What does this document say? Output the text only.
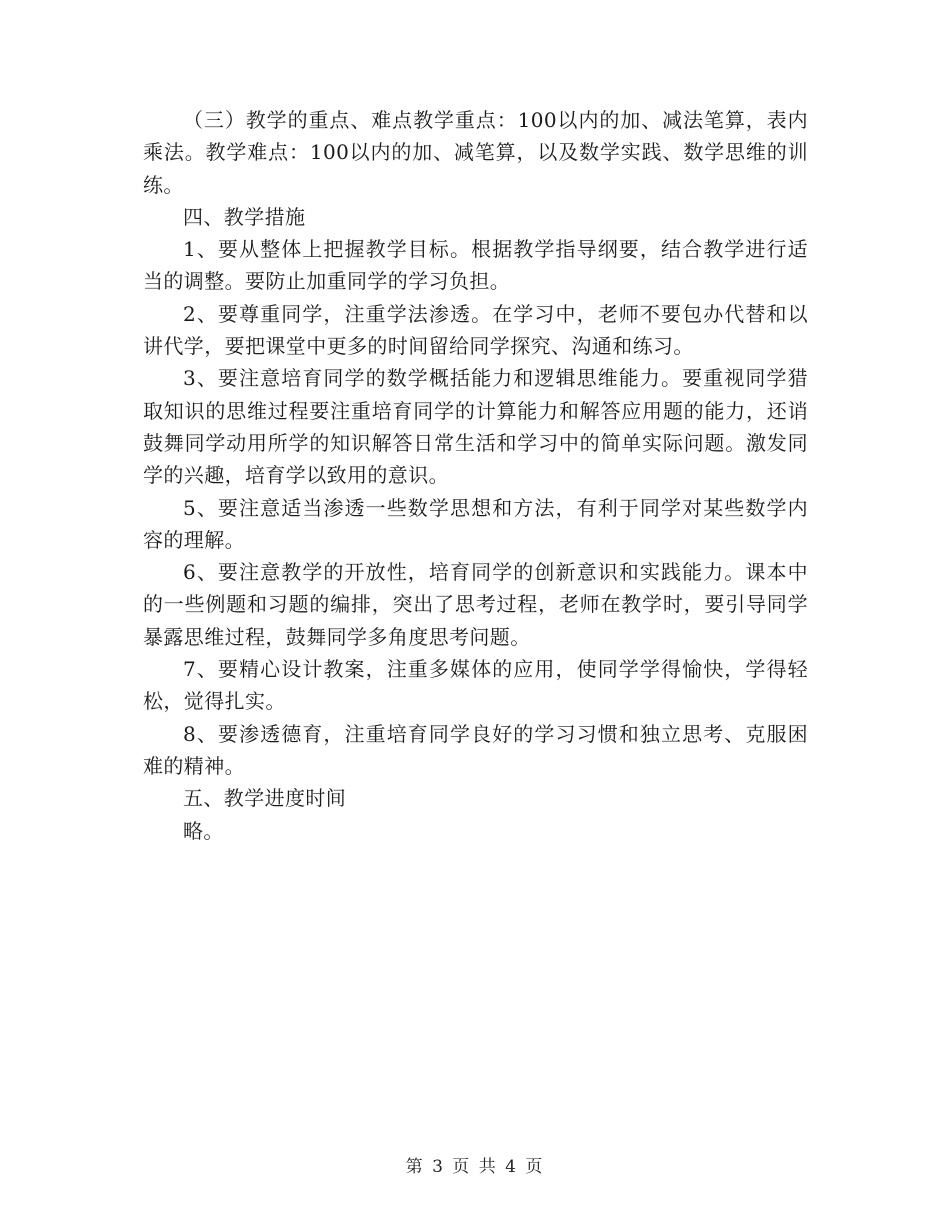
（三）教学的重点、难点教学重点：100以内的加、减法笔算，表内乘法。教学难点：100以内的加、减笔算，以及数学实践、数学思维的训练。

四、教学措施

1、要从整体上把握教学目标。根据教学指导纲要，结合教学进行适当的调整。要防止加重同学的学习负担。

2、要尊重同学，注重学法渗透。在学习中，老师不要包办代替和以讲代学，要把课堂中更多的时间留给同学探究、沟通和练习。

3、要注意培育同学的数学概括能力和逻辑思维能力。要重视同学猎取知识的思维过程要注重培育同学的计算能力和解答应用题的能力，还诮鼓舞同学动用所学的知识解答日常生活和学习中的简单实际问题。激发同学的兴趣，培育学以致用的意识。

5、要注意适当渗透一些数学思想和方法，有利于同学对某些数学内容的理解。

6、要注意教学的开放性，培育同学的创新意识和实践能力。课本中的一些例题和习题的编排，突出了思考过程，老师在教学时，要引导同学暴露思维过程，鼓舞同学多角度思考问题。

7、要精心设计教案，注重多媒体的应用，使同学学得愉快，学得轻松，觉得扎实。

8、要渗透德育，注重培育同学良好的学习习惯和独立思考、克服困难的精神。

五、教学进度时间

略。

第 3 页 共 4 页
